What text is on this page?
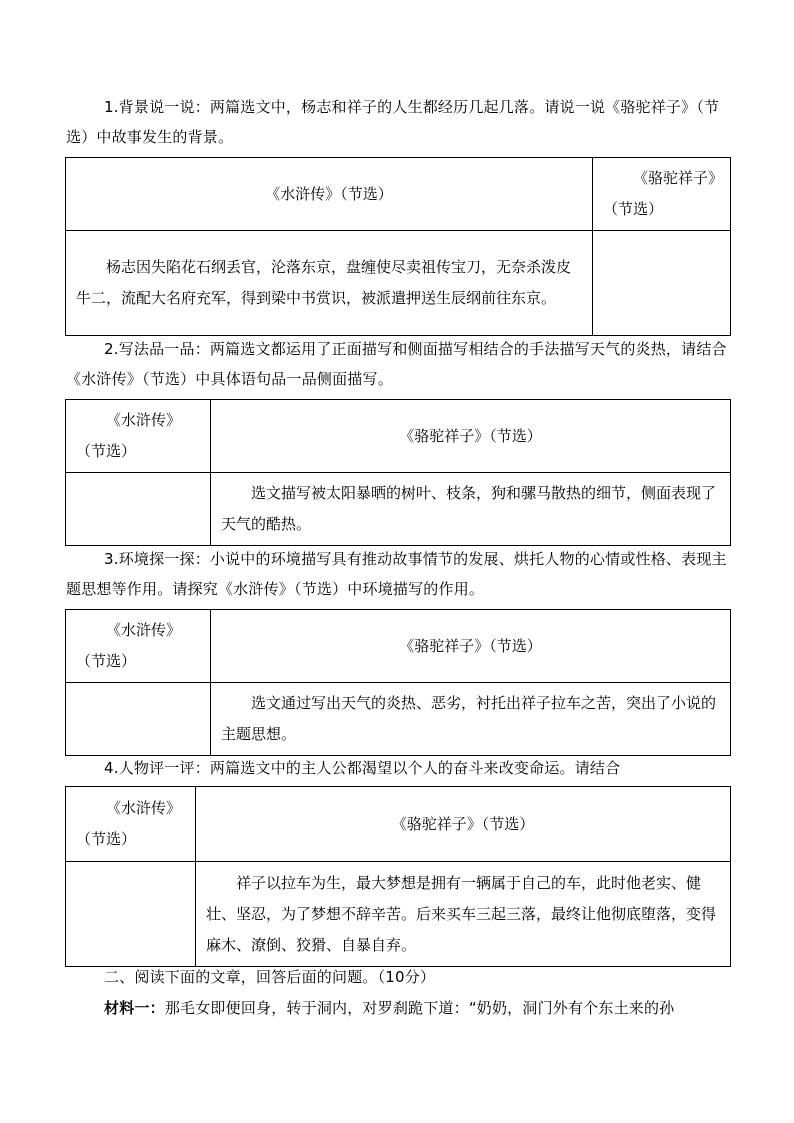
1.背景说一说：两篇选文中，杨志和祥子的人生都经历几起几落。请说一说《骆驼祥子》（节选）中故事发生的背景。

《水浒传》（节选）	《骆驼祥子》（节选）
杨志因失陷花石纲丢官，沦落东京，盘缠使尽卖祖传宝刀，无奈杀泼皮牛二，流配大名府充军，得到梁中书赏识，被派遣押送生辰纲前往东京。	

2.写法品一品：两篇选文都运用了正面描写和侧面描写相结合的手法描写天气的炎热，请结合《水浒传》（节选）中具体语句品一品侧面描写。

《水浒传》（节选）	《骆驼祥子》（节选）
	选文描写被太阳暴晒的树叶、枝条，狗和骡马散热的细节，侧面表现了天气的酷热。

3.环境探一探：小说中的环境描写具有推动故事情节的发展、烘托人物的心情或性格、表现主题思想等作用。请探究《水浒传》（节选）中环境描写的作用。

《水浒传》（节选）	《骆驼祥子》（节选）
	选文通过写出天气的炎热、恶劣，衬托出祥子拉车之苦，突出了小说的主题思想。

4.人物评一评：两篇选文中的主人公都渴望以个人的奋斗来改变命运。请结合

《水浒传》（节选）	《骆驼祥子》（节选）
	祥子以拉车为生，最大梦想是拥有一辆属于自己的车，此时他老实、健壮、坚忍，为了梦想不辞辛苦。后来买车三起三落，最终让他彻底堕落，变得麻木、潦倒、狡猾、自暴自弃。

二、阅读下面的文章，回答后面的问题。（10分）

材料一：那毛女即便回身，转于洞内，对罗刹跪下道：“奶奶，洞门外有个东土来的孙
